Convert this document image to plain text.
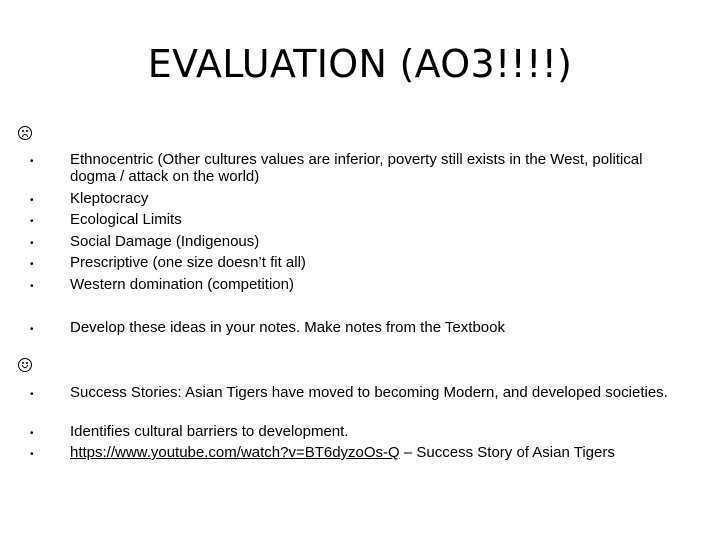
EVALUATION (AO3!!!!)
• Ethnocentric (Other cultures values are inferior, poverty still exists in the West, political dogma / attack on the world)
• Kleptocracy
• Ecological Limits
• Social Damage (Indigenous)
• Prescriptive (one size doesn’t fit all)
• Western domination (competition)
• Develop these ideas in your notes. Make notes from the Textbook
• Success Stories: Asian Tigers have moved to becoming Modern, and developed societies.
• Identifies cultural barriers to development.
• https://www.youtube.com/watch?v=BT6dyzoOs-Q – Success Story of Asian Tigers
